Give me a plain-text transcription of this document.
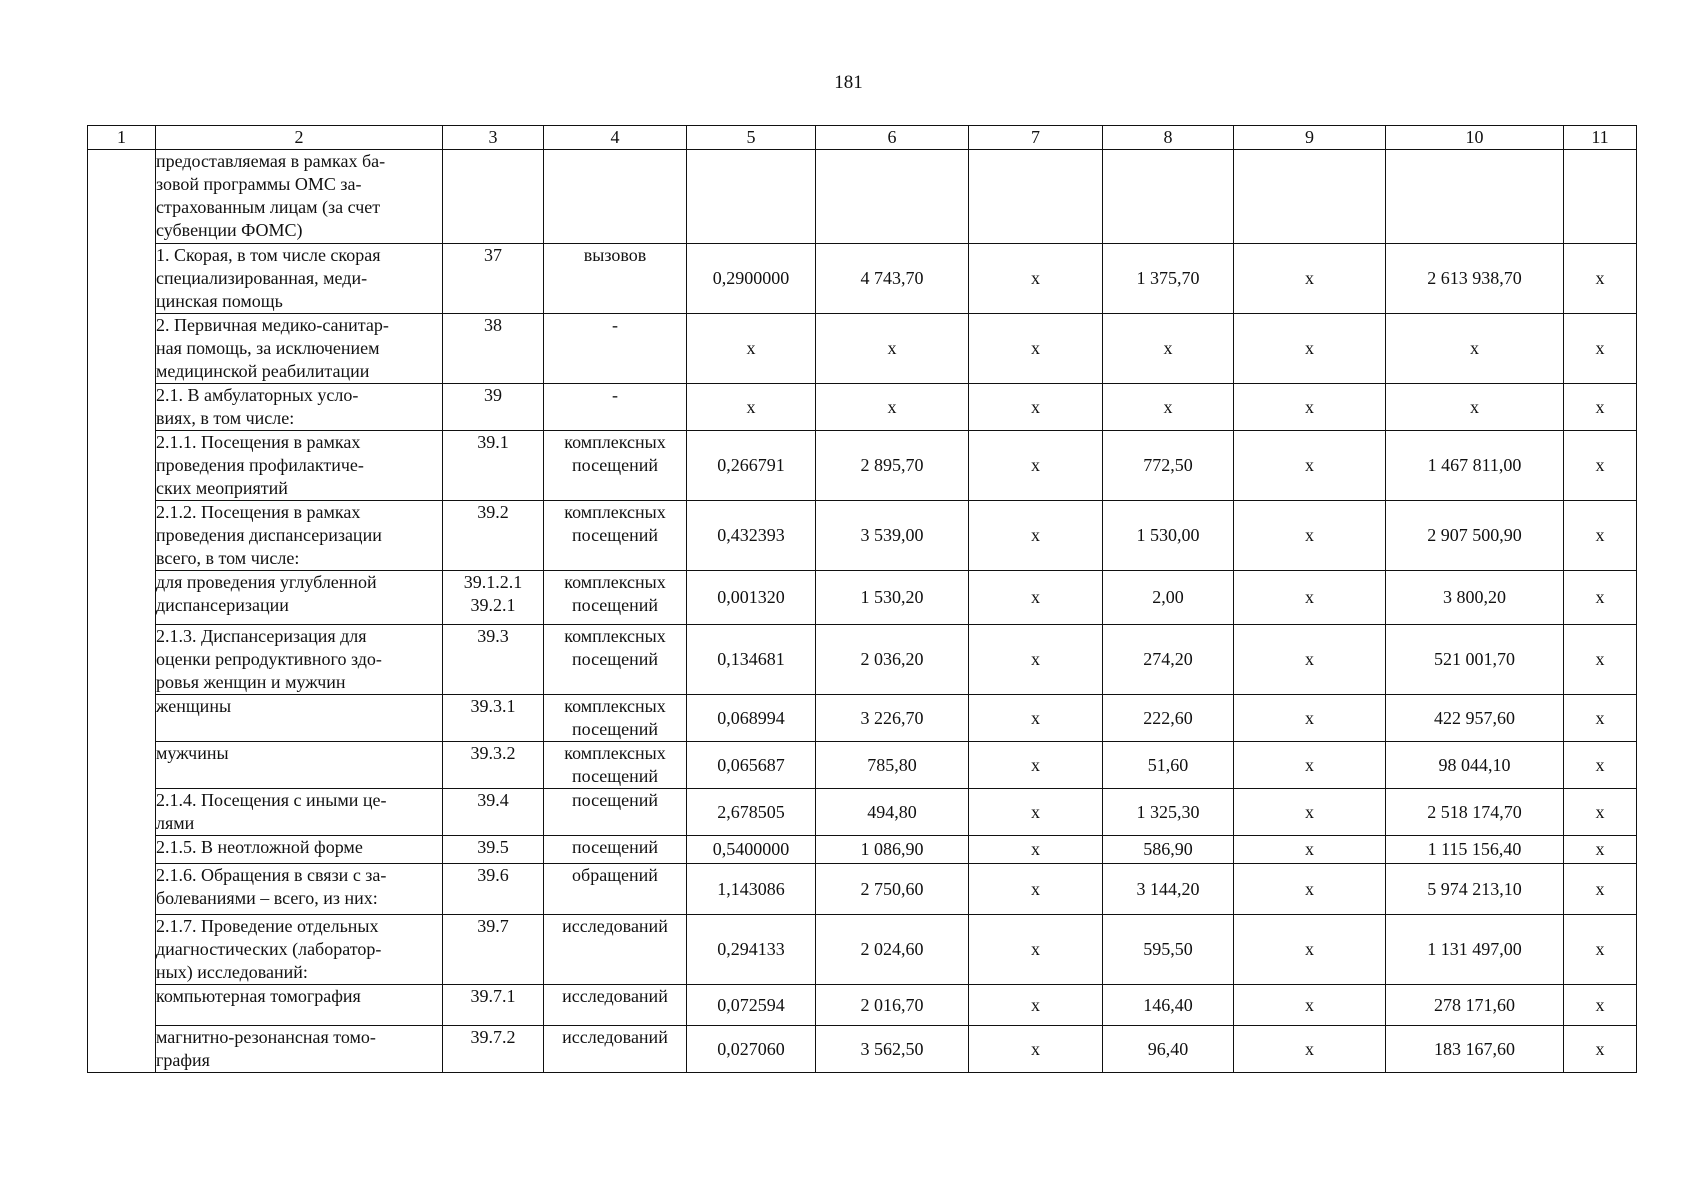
181
1	2	3	4	5	6	7	8	9	10	11
	предоставляемая в рамках ба-
зовой программы ОМС за-
страхованным лицам (за счет
субвенции ФОМС)									
	1. Скорая, в том числе скорая
специализированная, меди-
цинская помощь	37	вызовов	0,2900000	4 743,70	х	1 375,70	х	2 613 938,70	х
	2. Первичная медико-санитар-
ная помощь, за исключением
медицинской реабилитации	38	-	х	х	х	х	х	х	х
	2.1. В амбулаторных усло-
виях, в том числе:	39	-	х	х	х	х	х	х	х
	2.1.1. Посещения в рамках
проведения профилактиче-
ских меоприятий	39.1	комплексных
посещений	0,266791	2 895,70	х	772,50	х	1 467 811,00	х
	2.1.2. Посещения в рамках
проведения диспансеризации
всего, в том числе:	39.2	комплексных
посещений	0,432393	3 539,00	х	1 530,00	х	2 907 500,90	х
	для проведения углубленной
диспансеризации	39.1.2.1
39.2.1	комплексных
посещений	0,001320	1 530,20	х	2,00	х	3 800,20	х
	2.1.3. Диспансеризация для
оценки репродуктивного здо-
ровья женщин и мужчин	39.3	комплексных
посещений	0,134681	2 036,20	х	274,20	х	521 001,70	х
	женщины	39.3.1	комплексных
посещений	0,068994	3 226,70	х	222,60	х	422 957,60	х
	мужчины	39.3.2	комплексных
посещений	0,065687	785,80	х	51,60	х	98 044,10	х
	2.1.4. Посещения с иными це-
лями	39.4	посещений	2,678505	494,80	х	1 325,30	х	2 518 174,70	х
	2.1.5. В неотложной форме	39.5	посещений	0,5400000	1 086,90	х	586,90	х	1 115 156,40	х
	2.1.6. Обращения в связи с за-
болеваниями – всего, из них:	39.6	обращений	1,143086	2 750,60	х	3 144,20	х	5 974 213,10	х
	2.1.7. Проведение отдельных
диагностических (лаборатор-
ных) исследований:	39.7	исследований	0,294133	2 024,60	х	595,50	х	1 131 497,00	х
	компьютерная томография	39.7.1	исследований	0,072594	2 016,70	х	146,40	х	278 171,60	х
	магнитно-резонансная томо-
графия	39.7.2	исследований	0,027060	3 562,50	х	96,40	х	183 167,60	х
